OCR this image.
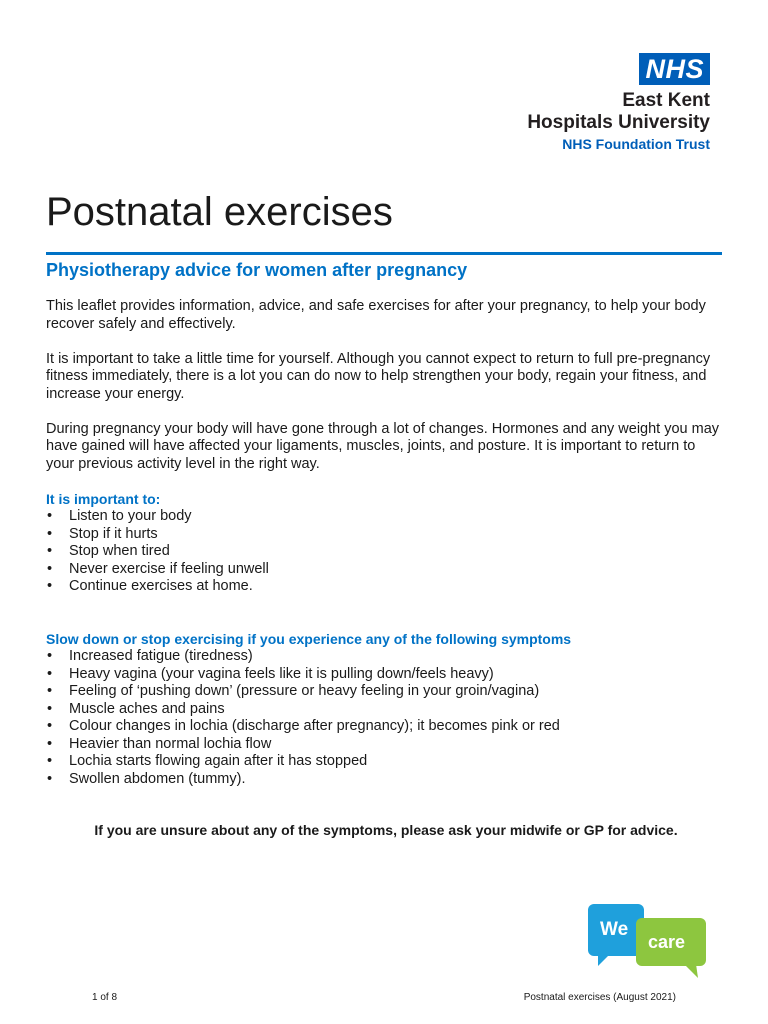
NHS
East Kent
Hospitals University
NHS Foundation Trust
Postnatal exercises
Physiotherapy advice for women after pregnancy

This leaflet provides information, advice, and safe exercises for after your pregnancy, to help your body recover safely and effectively.

It is important to take a little time for yourself. Although you cannot expect to return to full pre-pregnancy fitness immediately, there is a lot you can do now to help strengthen your body, regain your fitness, and increase your energy.

During pregnancy your body will have gone through a lot of changes. Hormones and any weight you may have gained will have affected your ligaments, muscles, joints, and posture. It is important to return to your previous activity level in the right way.

It is important to:
• Listen to your body
• Stop if it hurts
• Stop when tired
• Never exercise if feeling unwell
• Continue exercises at home.
Slow down or stop exercising if you experience any of the following symptoms
• Increased fatigue (tiredness)
• Heavy vagina (your vagina feels like it is pulling down/feels heavy)
• Feeling of ‘pushing down’ (pressure or heavy feeling in your groin/vagina)
• Muscle aches and pains
• Colour changes in lochia (discharge after pregnancy); it becomes pink or red
• Heavier than normal lochia flow
• Lochia starts flowing again after it has stopped
• Swollen abdomen (tummy).
If you are unsure about any of the symptoms, please ask your midwife or GP for advice.
We
care
1 of 8	Postnatal exercises (August 2021)
